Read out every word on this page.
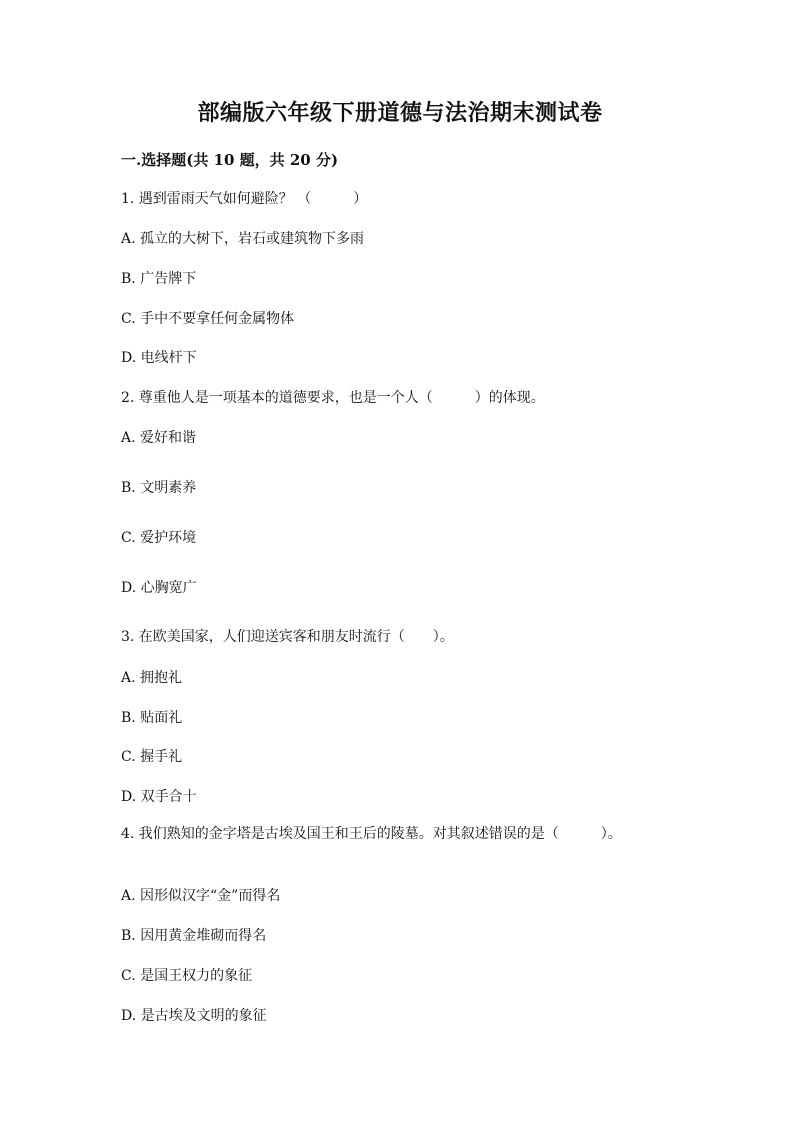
部编版六年级下册道德与法治期末测试卷
一.选择题(共 10 题，共 20 分)
1. 遇到雷雨天气如何避险？ （　　　）
A. 孤立的大树下，岩石或建筑物下多雨
B. 广告牌下
C. 手中不要拿任何金属物体
D. 电线杆下
2. 尊重他人是一项基本的道德要求，也是一个人（　　　）的体现。
A. 爱好和谐
B. 文明素养
C. 爱护环境
D. 心胸宽广
3. 在欧美国家，人们迎送宾客和朋友时流行（　　）。
A. 拥抱礼
B. 贴面礼
C. 握手礼
D. 双手合十
4. 我们熟知的金字塔是古埃及国王和王后的陵墓。对其叙述错误的是（　　　）。
A. 因形似汉字“金”而得名
B. 因用黄金堆砌而得名
C. 是国王权力的象征
D. 是古埃及文明的象征
